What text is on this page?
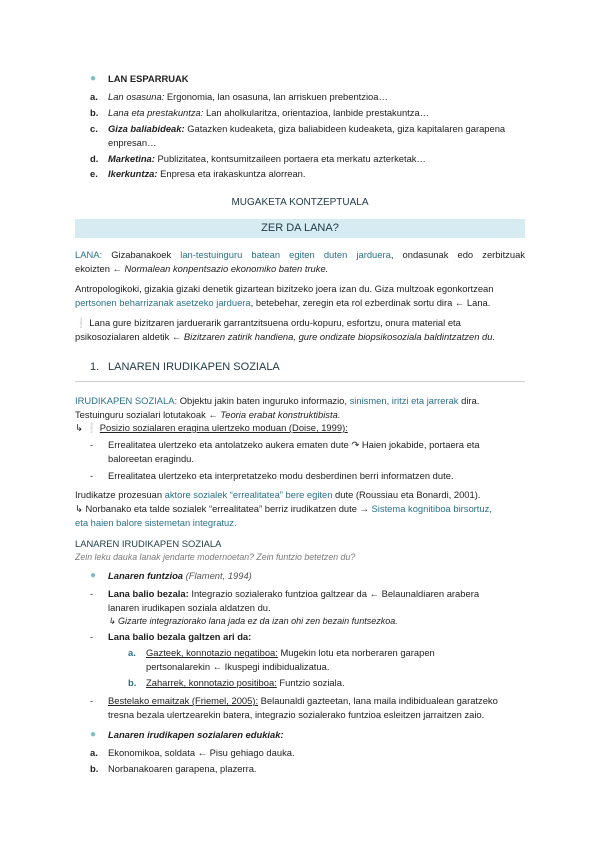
● LAN ESPARRUAK
a. Lan osasuna: Ergonomia, lan osasuna, lan arriskuen prebentzioa…
b. Lana eta prestakuntza: Lan aholkularitza, orientazioa, lanbide prestakuntza…
c. Giza baliabideak: Gatazken kudeaketa, giza baliabideen kudeaketa, giza kapitalaren garapena
enpresan…
d. Marketina: Publizitatea, kontsumitzaileen portaera eta merkatu azterketak…
e. Ikerkuntza: Enpresa eta irakaskuntza alorrean.
MUGAKETA KONTZEPTUALA
ZER DA LANA?
LANA: Gizabanakoek lan-testuinguru batean egiten duten jarduera, ondasunak edo zerbitzuak
ekoizten ← Normalean konpentsazio ekonomiko baten truke.
Antropologikoki, gizakia gizaki denetik gizartean bizitzeko joera izan du. Giza multzoak egonkortzean
pertsonen beharrizanak asetzeko jarduera, betebehar, zeregin eta rol ezberdinak sortu dira ← Lana.
❕ Lana gure bizitzaren jarduerarik garrantzitsuena ordu-kopuru, esfortzu, onura material eta
psikosozialaren aldetik ← Bizitzaren zatirik handiena, gure ondizate biopsikosoziala baldintzatzen du.
1. LANAREN IRUDIKAPEN SOZIALA
IRUDIKAPEN SOZIALA: Objektu jakin baten inguruko informazio, sinismen, iritzi eta jarrerak dira.
Testuinguru sozialari lotutakoak ← Teoria erabat konstruktibista.
↳ ❕ Posizio sozialaren eragina ulertzeko moduan (Doise, 1999):
- Errealitatea ulertzeko eta antolatzeko aukera ematen dute ↷ Haien jokabide, portaera eta
baloreetan eragindu.
- Errealitatea ulertzeko eta interpretatzeko modu desberdinen berri informatzen dute.
Irudikatze prozesuan aktore sozialek “errealitatea” bere egiten dute (Roussiau eta Bonardi, 2001).
↳ Norbanako eta talde sozialek “errealitatea” berriz irudikatzen dute → Sistema kognitiboa birsortuz,
eta haien balore sistemetan integratuz.
LANAREN IRUDIKAPEN SOZIALA
Zein leku dauka lanak jendarte modernoetan? Zein funtzio betetzen du?
● Lanaren funtzioa (Flament, 1994)
- Lana balio bezala: Integrazio sozialerako funtzioa galtzear da ← Belaunaldiaren arabera
lanaren irudikapen soziala aldatzen du.
↳ Gizarte integraziorako lana jada ez da izan ohi zen bezain funtsezkoa.
- Lana balio bezala galtzen ari da:
a. Gazteek, konnotazio negatiboa: Mugekin lotu eta norberaren garapen
pertsonalarekin ← Ikuspegi indibidualizatua.
b. Zaharrek, konnotazio positiboa: Funtzio soziala.
- Bestelako emaitzak (Friemel, 2005): Belaunaldi gazteetan, lana maila indibidualean garatzeko
tresna bezala ulertzearekin batera, integrazio sozialerako funtzioa esleitzen jarraitzen zaio.
● Lanaren irudikapen sozialaren edukiak:
a. Ekonomikoa, soldata ← Pisu gehiago dauka.
b. Norbanakoaren garapena, plazerra.
